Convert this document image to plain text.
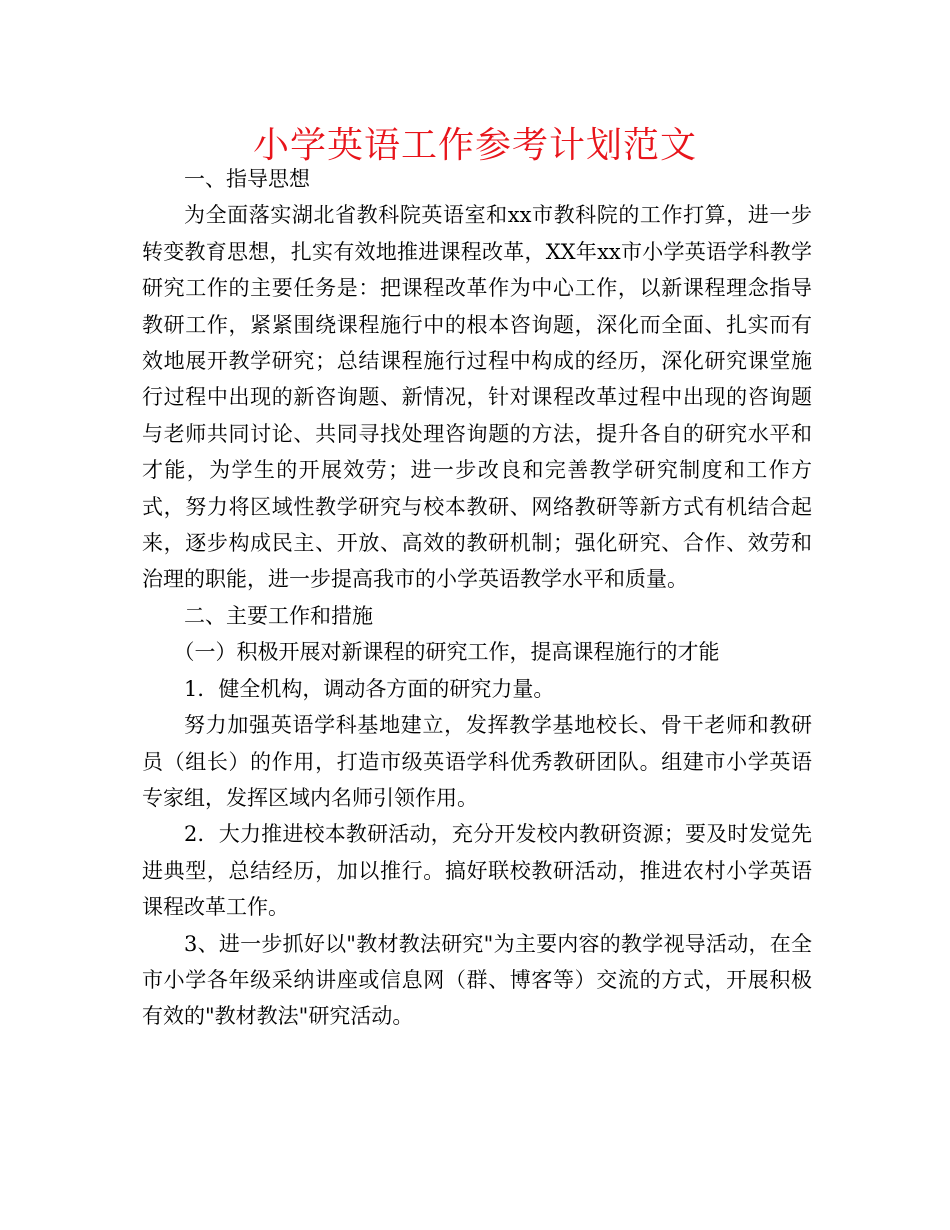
小学英语工作参考计划范文

一、指导思想

为全面落实湖北省教科院英语室和xx市教科院的工作打算，进一步转变教育思想，扎实有效地推进课程改革，XX年xx市小学英语学科教学研究工作的主要任务是：把课程改革作为中心工作，以新课程理念指导教研工作，紧紧围绕课程施行中的根本咨询题，深化而全面、扎实而有效地展开教学研究；总结课程施行过程中构成的经历，深化研究课堂施行过程中出现的新咨询题、新情况，针对课程改革过程中出现的咨询题与老师共同讨论、共同寻找处理咨询题的方法，提升各自的研究水平和才能，为学生的开展效劳；进一步改良和完善教学研究制度和工作方式，努力将区域性教学研究与校本教研、网络教研等新方式有机结合起来，逐步构成民主、开放、高效的教研机制；强化研究、合作、效劳和治理的职能，进一步提高我市的小学英语教学水平和质量。

二、主要工作和措施

（一）积极开展对新课程的研究工作，提高课程施行的才能

1．健全机构，调动各方面的研究力量。

努力加强英语学科基地建立，发挥教学基地校长、骨干老师和教研员（组长）的作用，打造市级英语学科优秀教研团队。组建市小学英语专家组，发挥区域内名师引领作用。

2．大力推进校本教研活动，充分开发校内教研资源；要及时发觉先进典型，总结经历，加以推行。搞好联校教研活动，推进农村小学英语课程改革工作。

3、进一步抓好以"教材教法研究"为主要内容的教学视导活动，在全市小学各年级采纳讲座或信息网（群、博客等）交流的方式，开展积极有效的"教材教法"研究活动。
